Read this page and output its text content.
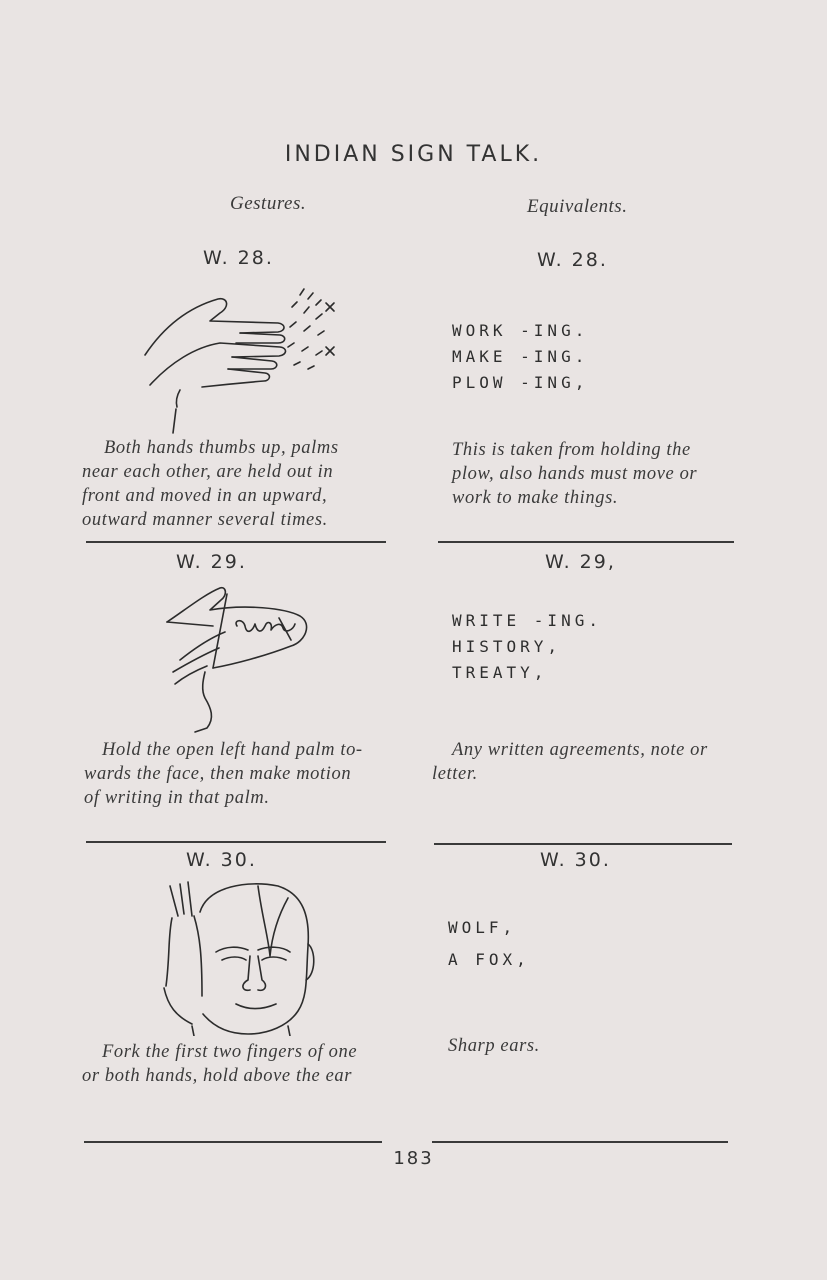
INDIAN SIGN TALK.
Gestures.	Equivalents.
W. 28.	W. 28.
Both hands thumbs up, palms
near each other, are held out in
front and moved in an upward,
outward manner several times.
WORK -ING.
MAKE -ING.
PLOW -ING,
This is taken from holding the
plow, also hands must move or
work to make things.
W. 29.	W. 29,
Hold the open left hand palm to-
wards the face, then make motion
of writing in that palm.
WRITE -ING.
HISTORY,
TREATY,
Any written agreements, note or
letter.
W. 30.	W. 30.
Fork the first two fingers of one
or both hands, hold above the ear
WOLF,
A FOX,
Sharp ears.
183
